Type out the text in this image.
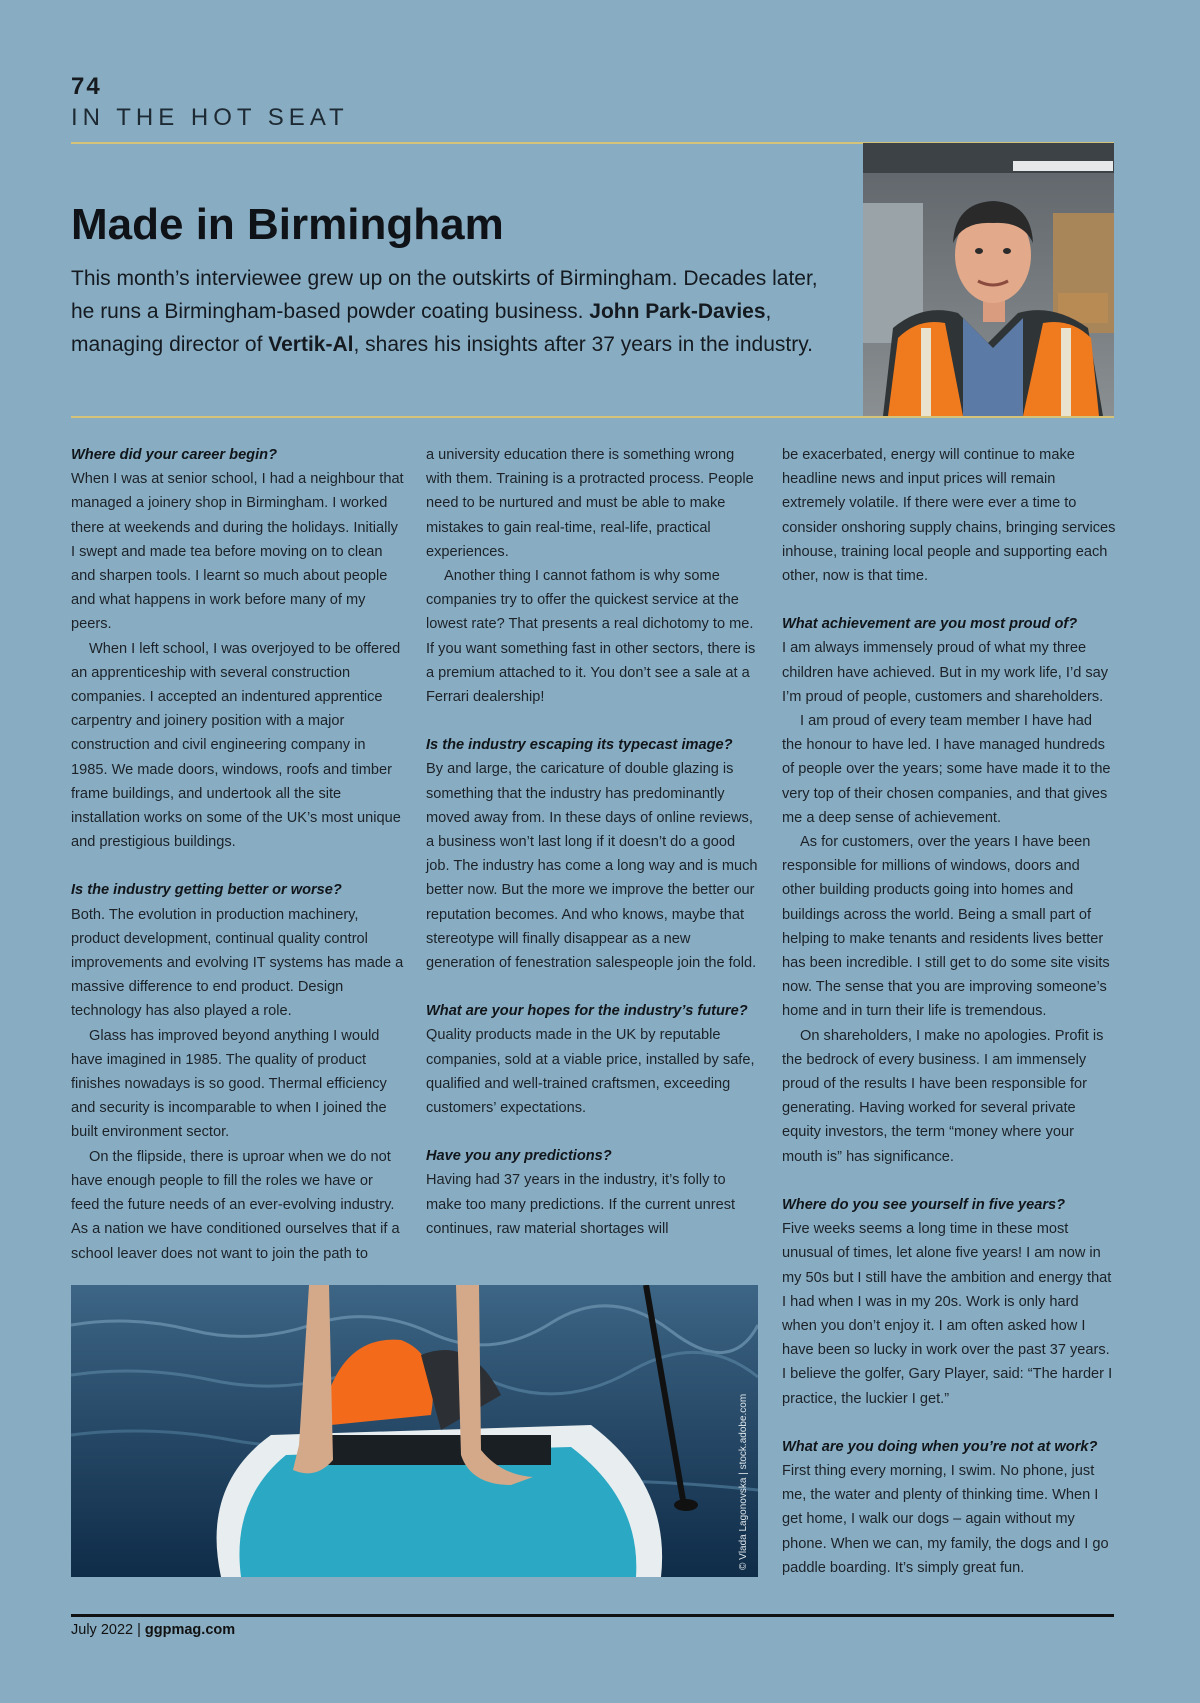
74
IN THE HOT SEAT
Made in Birmingham

This month’s interviewee grew up on the outskirts of Birmingham. Decades later, he runs a Birmingham-based powder coating business. John Park-Davies, managing director of Vertik-Al, shares his insights after 37 years in the industry.

Where did your career begin?

When I was at senior school, I had a neighbour that managed a joinery shop in Birmingham. I worked there at weekends and during the holidays. Initially I swept and made tea before moving on to clean and sharpen tools. I learnt so much about people and what happens in work before many of my peers.

When I left school, I was overjoyed to be offered an apprenticeship with several construction companies. I accepted an indentured apprentice carpentry and joinery position with a major construction and civil engineering company in 1985. We made doors, windows, roofs and timber frame buildings, and undertook all the site installation works on some of the UK’s most unique and prestigious buildings.

Is the industry getting better or worse?

Both. The evolution in production machinery, product development, continual quality control improvements and evolving IT systems has made a massive difference to end product. Design technology has also played a role.

Glass has improved beyond anything I would have imagined in 1985. The quality of product finishes nowadays is so good. Thermal efficiency and security is incomparable to when I joined the built environment sector.

On the flipside, there is uproar when we do not have enough people to fill the roles we have or feed the future needs of an ever-evolving industry. As a nation we have conditioned ourselves that if a school leaver does not want to join the path to

a university education there is something wrong with them. Training is a protracted process. People need to be nurtured and must be able to make mistakes to gain real-time, real-life, practical experiences.

Another thing I cannot fathom is why some companies try to offer the quickest service at the lowest rate? That presents a real dichotomy to me. If you want something fast in other sectors, there is a premium attached to it. You don’t see a sale at a Ferrari dealership!

Is the industry escaping its typecast image?

By and large, the caricature of double glazing is something that the industry has predominantly moved away from. In these days of online reviews, a business won’t last long if it doesn’t do a good job. The industry has come a long way and is much better now. But the more we improve the better our reputation becomes. And who knows, maybe that stereotype will finally disappear as a new generation of fenestration salespeople join the fold.

What are your hopes for the industry’s future?

Quality products made in the UK by reputable companies, sold at a viable price, installed by safe, qualified and well-trained craftsmen, exceeding customers’ expectations.

Have you any predictions?

Having had 37 years in the industry, it’s folly to make too many predictions. If the current unrest continues, raw material shortages will

be exacerbated, energy will continue to make headline news and input prices will remain extremely volatile. If there were ever a time to consider onshoring supply chains, bringing services inhouse, training local people and supporting each other, now is that time.

What achievement are you most proud of?

I am always immensely proud of what my three children have achieved. But in my work life, I’d say I’m proud of people, customers and shareholders.

I am proud of every team member I have had the honour to have led. I have managed hundreds of people over the years; some have made it to the very top of their chosen companies, and that gives me a deep sense of achievement.

As for customers, over the years I have been responsible for millions of windows, doors and other building products going into homes and buildings across the world. Being a small part of helping to make tenants and residents lives better has been incredible. I still get to do some site visits now. The sense that you are improving someone’s home and in turn their life is tremendous.

On shareholders, I make no apologies. Profit is the bedrock of every business. I am immensely proud of the results I have been responsible for generating. Having worked for several private equity investors, the term “money where your mouth is” has significance.

Where do you see yourself in five years?

Five weeks seems a long time in these most unusual of times, let alone five years! I am now in my 50s but I still have the ambition and energy that I had when I was in my 20s. Work is only hard when you don’t enjoy it. I am often asked how I have been so lucky in work over the past 37 years. I believe the golfer, Gary Player, said: “The harder I practice, the luckier I get.”

What are you doing when you’re not at work?

First thing every morning, I swim. No phone, just me, the water and plenty of thinking time. When I get home, I walk our dogs – again without my phone. When we can, my family, the dogs and I go paddle boarding. It’s simply great fun.

© Vlada Lagonovska | stock.adobe.com
July 2022 | ggpmag.com
